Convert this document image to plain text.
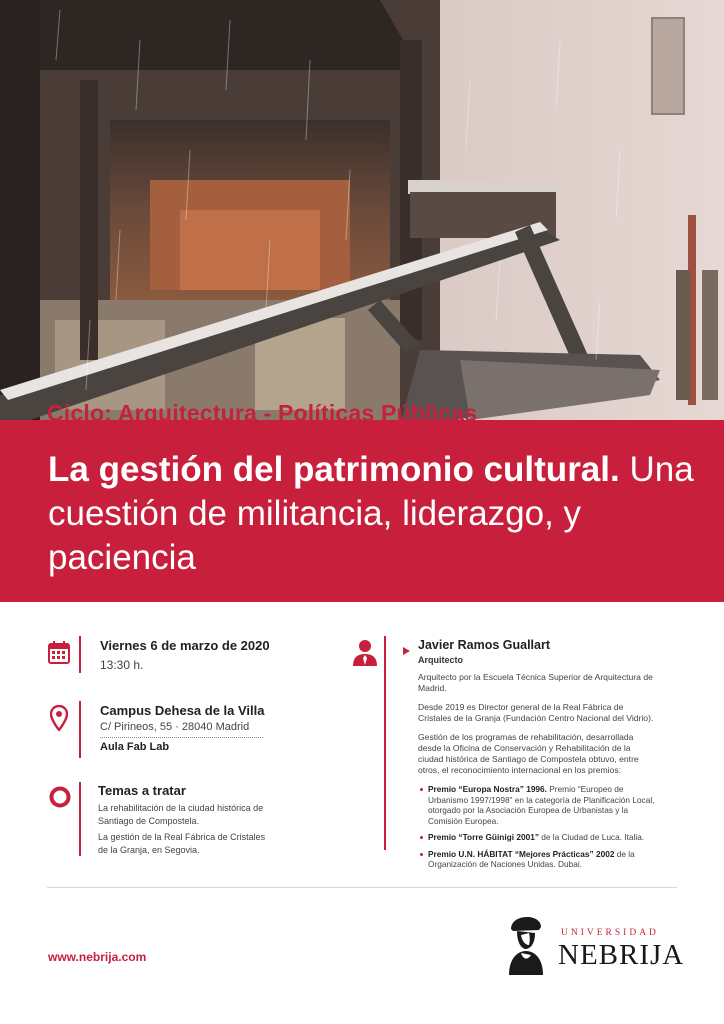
Ciclo: Arquitectura - Políticas Públicas
La gestión del patrimonio cultural. Una cuestión de militancia, liderazgo, y paciencia
Viernes 6 de marzo de 2020
13:30 h.
Campus Dehesa de la Villa
C/ Pirineos, 55 · 28040 Madrid
Aula Fab Lab
Temas a tratar
La rehabilitación de la ciudad histórica de Santiago de Compostela.
La gestión de la Real Fábrica de Cristales de la Granja, en Segovia.
Javier Ramos Guallart
Arquitecto

Arquitecto por la Escuela Técnica Superior de Arquitectura de Madrid.

Desde 2019 es Director general de la Real Fábrica de Cristales de la Granja (Fundación Centro Nacional del Vidrio).

Gestión de los programas de rehabilitación, desarrollada desde la Oficina de Conservación y Rehabilitación de la ciudad histórica de Santiago de Compostela obtuvo, entre otros, el reconocimiento internacional en los premios:

Premio “Europa Nostra” 1996. Premio “Europeo de Urbanismo 1997/1998” en la categoría de Planificación Local, otorgado por la Asociación Europea de Urbanistas y la Comisión Europea.
Premio “Torre Güinigi 2001” de la Ciudad de Luca. Italia.
Premio U.N. HÁBITAT “Mejores Prácticas” 2002 de la Organización de Naciones Unidas. Dubai.
www.nebrija.com
UNIVERSIDAD
NEBRIJA
